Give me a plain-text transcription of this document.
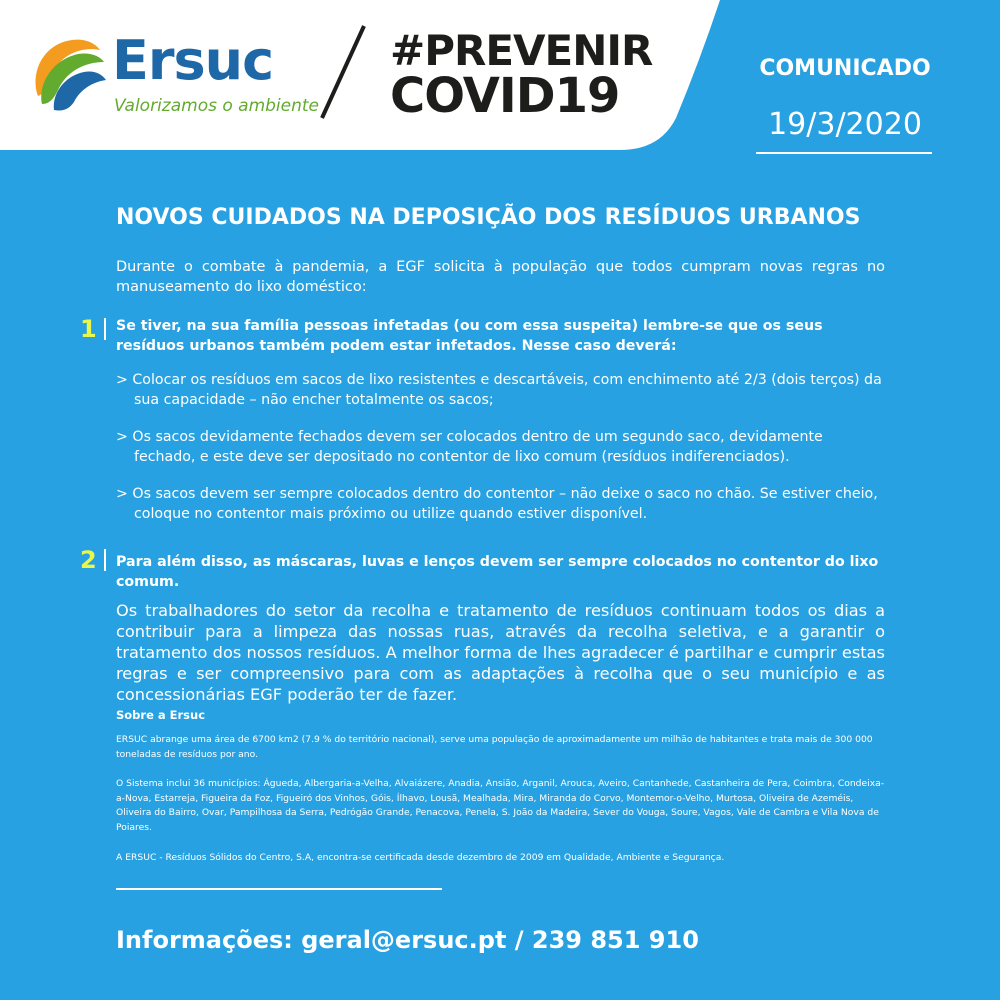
Ersuc
Valorizamos o ambiente
#PREVENIR
COVID19	COMUNICADO
19/3/2020
NOVOS CUIDADOS NA DEPOSIÇÃO DOS RESÍDUOS URBANOS
Durante o combate à pandemia, a EGF solicita à população que todos cumpram novas regras no manuseamento do lixo doméstico:
1 Se tiver, na sua família pessoas infetadas (ou com essa suspeita) lembre-se que os seus resíduos urbanos também podem estar infetados. Nesse caso deverá:
> Colocar os resíduos em sacos de lixo resistentes e descartáveis, com enchimento até 2/3 (dois terços) da sua capacidade – não encher totalmente os sacos;
> Os sacos devidamente fechados devem ser colocados dentro de um segundo saco, devidamente fechado, e este deve ser depositado no contentor de lixo comum (resíduos indiferenciados).
> Os sacos devem ser sempre colocados dentro do contentor – não deixe o saco no chão. Se estiver cheio, coloque no contentor mais próximo ou utilize quando estiver disponível.
2 Para além disso, as máscaras, luvas e lenços devem ser sempre colocados no contentor do lixo comum.
Os trabalhadores do setor da recolha e tratamento de resíduos continuam todos os dias a contribuir para a limpeza das nossas ruas, através da recolha seletiva, e a garantir o tratamento dos nossos resíduos. A melhor forma de lhes agradecer é partilhar e cumprir estas regras e ser compreensivo para com as adaptações à recolha que o seu município e as concessionárias EGF poderão ter de fazer.
Sobre a Ersuc
ERSUC abrange uma área de 6700 km2 (7.9 % do território nacional), serve uma população de aproximadamente um milhão de habitantes e trata mais de 300 000 toneladas de resíduos por ano.
O Sistema inclui 36 municípios: Águeda, Albergaria-a-Velha, Alvaiázere, Anadia, Ansião, Arganil, Arouca, Aveiro, Cantanhede, Castanheira de Pera, Coimbra, Condeixa-a-Nova, Estarreja, Figueira da Foz, Figueiró dos Vinhos, Góis, Ílhavo, Lousã, Mealhada, Mira, Miranda do Corvo, Montemor-o-Velho, Murtosa, Oliveira de Azeméis, Oliveira do Bairro, Ovar, Pampilhosa da Serra, Pedrógão Grande, Penacova, Penela, S. João da Madeira, Sever do Vouga, Soure, Vagos, Vale de Cambra e Vila Nova de Poiares.
A ERSUC - Resíduos Sólidos do Centro, S.A, encontra-se certificada desde dezembro de 2009 em Qualidade, Ambiente e Segurança.
Informações: geral@ersuc.pt / 239 851 910
